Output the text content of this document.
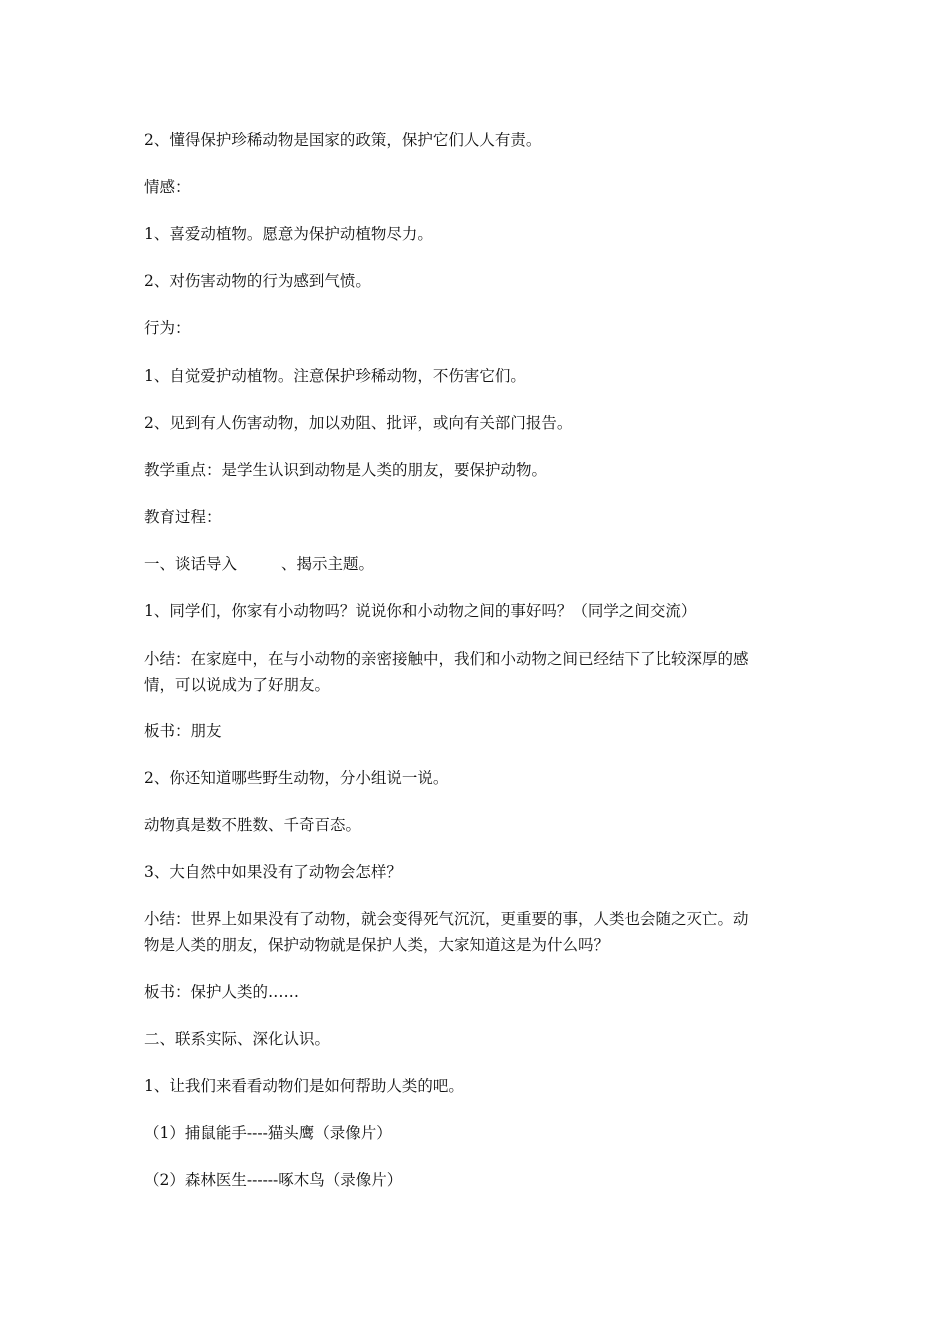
2、懂得保护珍稀动物是国家的政策，保护它们人人有责。
情感：
1、喜爱动植物。愿意为保护动植物尽力。
2、对伤害动物的行为感到气愤。
行为：
1、自觉爱护动植物。注意保护珍稀动物，不伤害它们。
2、见到有人伤害动物，加以劝阻、批评，或向有关部门报告。
教学重点：是学生认识到动物是人类的朋友，要保护动物。
教育过程：
一、谈话导入	、揭示主题。
1、同学们，你家有小动物吗？说说你和小动物之间的事好吗？（同学之间交流）
小结：在家庭中，在与小动物的亲密接触中，我们和小动物之间已经结下了比较深厚的感
情，可以说成为了好朋友。
板书：朋友
2、你还知道哪些野生动物，分小组说一说。
动物真是数不胜数、千奇百态。
3、大自然中如果没有了动物会怎样？
小结：世界上如果没有了动物，就会变得死气沉沉，更重要的事，人类也会随之灭亡。动
物是人类的朋友，保护动物就是保护人类，大家知道这是为什么吗？
板书：保护人类的……
二、联系实际、深化认识。
1、让我们来看看动物们是如何帮助人类的吧。
（1）捕鼠能手----猫头鹰（录像片）
（2）森林医生------啄木鸟（录像片）
